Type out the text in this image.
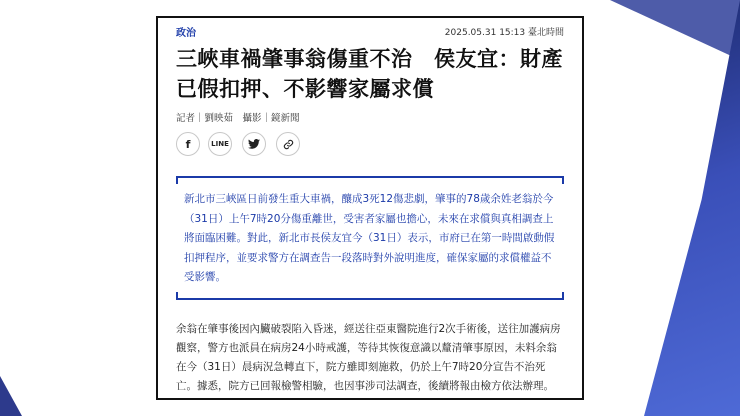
政治	2025.05.31 15:13 臺北時間
三峽車禍肇事翁傷重不治　侯友宜：財產已假扣押、不影響家屬求償
記者｜劉映茹　攝影｜鏡新聞
f	LINE

新北市三峽區日前發生重大車禍，釀成3死12傷悲劇，肇事的78歲余姓老翁於今（31日）上午7時20分傷重離世，受害者家屬也擔心，未來在求償與真相調查上將面臨困難。對此，新北市長侯友宜今（31日）表示，市府已在第一時間啟動假扣押程序，並要求警方在調查告一段落時對外說明進度，確保家屬的求償權益不受影響。

余翁在肇事後因內臟破裂陷入昏迷，經送往亞東醫院進行2次手術後，送往加護病房觀察，警方也派員在病房24小時戒護，等待其恢復意識以釐清肇事原因，未料余翁在今（31日）晨病況急轉直下，院方雖即刻施救，仍於上午7時20分宣告不治死亡。據悉，院方已回報檢警相驗，也因事涉司法調查，後續將報由檢方依法辦理。
